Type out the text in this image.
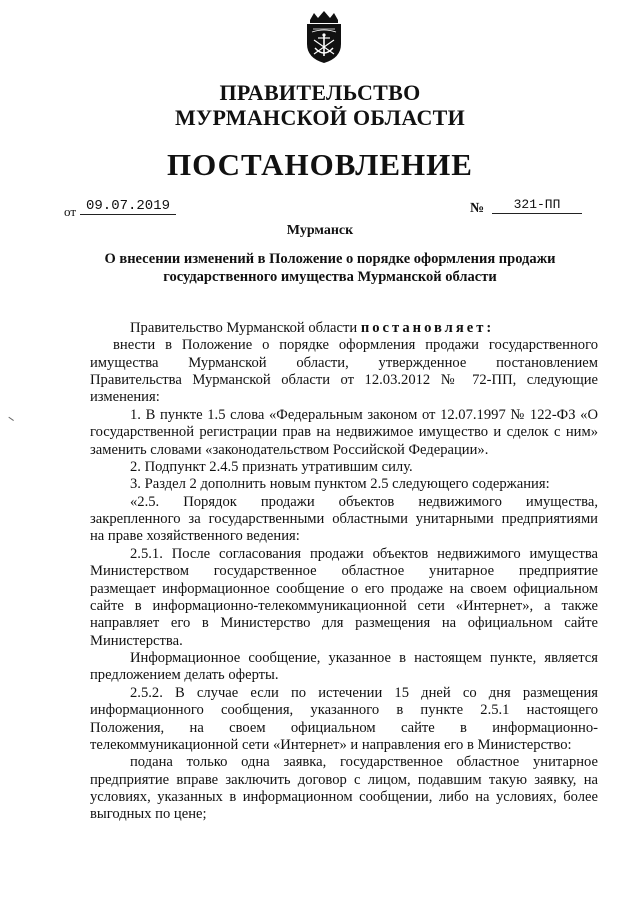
ПРАВИТЕЛЬСТВО
МУРМАНСКОЙ ОБЛАСТИ
ПОСТАНОВЛЕНИЕ
от 09.07.2019	№	321-ПП
Мурманск
О внесении изменений в Положение о порядке оформления продажи
государственного имущества Мурманской области
Правительство Мурманской области постановляет:
внести в Положение о порядке оформления продажи государственного
имущества Мурманской области, утвержденное постановлением
Правительства Мурманской области от 12.03.2012 № 72-ПП, следующие
изменения:
1. В пункте 1.5 слова «Федеральным законом от 12.07.1997 № 122-ФЗ «О
государственной регистрации прав на недвижимое имущество и сделок с ним»
заменить словами «законодательством Российской Федерации».
2. Подпункт 2.4.5 признать утратившим силу.
3. Раздел 2 дополнить новым пунктом 2.5 следующего содержания:
«2.5. Порядок продажи объектов недвижимого имущества,
закрепленного за государственными областными унитарными предприятиями
на праве хозяйственного ведения:
2.5.1. После согласования продажи объектов недвижимого имущества
Министерством государственное областное унитарное предприятие
размещает информационное сообщение о его продаже на своем официальном
сайте в информационно-телекоммуникационной сети «Интернет», а также
направляет его в Министерство для размещения на официальном сайте
Министерства.
Информационное сообщение, указанное в настоящем пункте, является
предложением делать оферты.
2.5.2. В случае если по истечении 15 дней со дня размещения
информационного сообщения, указанного в пункте 2.5.1 настоящего
Положения, на своем официальном сайте в информационно-
телекоммуникационной сети «Интернет» и направления его в Министерство:
подана только одна заявка, государственное областное унитарное
предприятие вправе заключить договор с лицом, подавшим такую заявку, на
условиях, указанных в информационном сообщении, либо на условиях, более
выгодных по цене;
